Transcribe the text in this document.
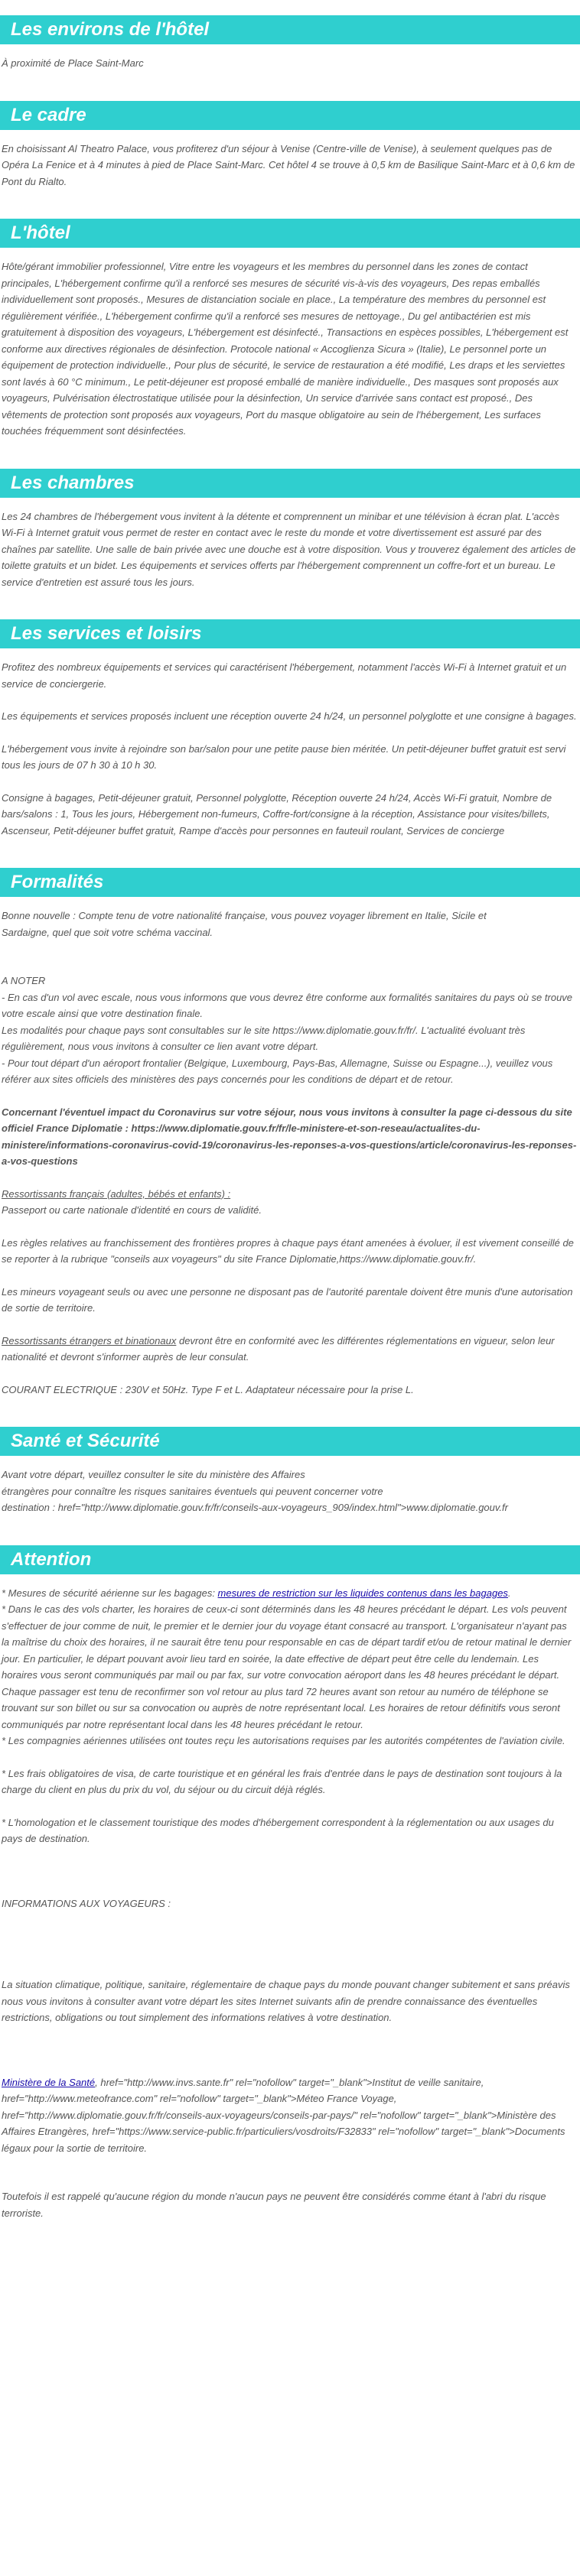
Les environs de l'hôtel

À proximité de Place Saint-Marc

Le cadre

En choisissant Al Theatro Palace, vous profiterez d'un séjour à Venise (Centre-ville de Venise), à seulement quelques pas de Opéra La Fenice et à 4 minutes à pied de Place Saint-Marc. Cet hôtel 4 se trouve à 0,5 km de Basilique Saint-Marc et à 0,6 km de Pont du Rialto.

L'hôtel

Hôte/gérant immobilier professionnel, Vitre entre les voyageurs et les membres du personnel dans les zones de contact principales, L'hébergement confirme qu'il a renforcé ses mesures de sécurité vis-à-vis des voyageurs, Des repas emballés individuellement sont proposés., Mesures de distanciation sociale en place., La température des membres du personnel est régulièrement vérifiée., L'hébergement confirme qu'il a renforcé ses mesures de nettoyage., Du gel antibactérien est mis gratuitement à disposition des voyageurs, L'hébergement est désinfecté., Transactions en espèces possibles, L'hébergement est conforme aux directives régionales de désinfection. Protocole national « Accoglienza Sicura » (Italie), Le personnel porte un équipement de protection individuelle., Pour plus de sécurité, le service de restauration a été modifié, Les draps et les serviettes sont lavés à 60 °C minimum., Le petit-déjeuner est proposé emballé de manière individuelle., Des masques sont proposés aux voyageurs, Pulvérisation électrostatique utilisée pour la désinfection, Un service d'arrivée sans contact est proposé., Des vêtements de protection sont proposés aux voyageurs, Port du masque obligatoire au sein de l'hébergement, Les surfaces touchées fréquemment sont désinfectées.

Les chambres

Les 24 chambres de l'hébergement vous invitent à la détente et comprennent un minibar et une télévision à écran plat. L'accès Wi-Fi à Internet gratuit vous permet de rester en contact avec le reste du monde et votre divertissement est assuré par des chaînes par satellite. Une salle de bain privée avec une douche est à votre disposition. Vous y trouverez également des articles de toilette gratuits et un bidet. Les équipements et services offerts par l'hébergement comprennent un coffre-fort et un bureau. Le service d'entretien est assuré tous les jours.

Les services et loisirs

Profitez des nombreux équipements et services qui caractérisent l'hébergement, notamment l'accès Wi-Fi à Internet gratuit et un service de conciergerie.

Les équipements et services proposés incluent une réception ouverte 24 h/24, un personnel polyglotte et une consigne à bagages.

L'hébergement vous invite à rejoindre son bar/salon pour une petite pause bien méritée. Un petit-déjeuner buffet gratuit est servi tous les jours de 07 h 30 à 10 h 30.

Consigne à bagages, Petit-déjeuner gratuit, Personnel polyglotte, Réception ouverte 24 h/24, Accès Wi-Fi gratuit, Nombre de bars/salons : 1, Tous les jours, Hébergement non-fumeurs, Coffre-fort/consigne à la réception, Assistance pour visites/billets, Ascenseur, Petit-déjeuner buffet gratuit, Rampe d'accès pour personnes en fauteuil roulant, Services de concierge

Formalités

Bonne nouvelle : Compte tenu de votre nationalité française, vous pouvez voyager librement en Italie, Sicile et

Sardaigne, quel que soit votre schéma vaccinal.

A NOTER

- En cas d'un vol avec escale, nous vous informons que vous devrez être conforme aux formalités sanitaires du pays où se trouve votre escale ainsi que votre destination finale.

Les modalités pour chaque pays sont consultables sur le site https://www.diplomatie.gouv.fr/fr/. L'actualité évoluant très régulièrement, nous vous invitons à consulter ce lien avant votre départ.

- Pour tout départ d'un aéroport frontalier (Belgique, Luxembourg, Pays-Bas, Allemagne, Suisse ou Espagne...), veuillez vous référer aux sites officiels des ministères des pays concernés pour les conditions de départ et de retour.

Concernant l'éventuel impact du Coronavirus sur votre séjour, nous vous invitons à consulter la page ci-dessous du site officiel France Diplomatie : https://www.diplomatie.gouv.fr/fr/le-ministere-et-son-reseau/actualites-du-ministere/informations-coronavirus-covid-19/coronavirus-les-reponses-a-vos-questions/article/coronavirus-les-reponses-a-vos-questions

Ressortissants français (adultes, bébés et enfants) :

Passeport ou carte nationale d'identité en cours de validité.

Les règles relatives au franchissement des frontières propres à chaque pays étant amenées à évoluer, il est vivement conseillé de se reporter à la rubrique "conseils aux voyageurs" du site France Diplomatie,https://www.diplomatie.gouv.fr/.

Les mineurs voyageant seuls ou avec une personne ne disposant pas de l'autorité parentale doivent être munis d'une autorisation de sortie de territoire.

Ressortissants étrangers et binationaux devront être en conformité avec les différentes réglementations en vigueur, selon leur nationalité et devront s'informer auprès de leur consulat.

COURANT ELECTRIQUE : 230V et 50Hz. Type F et L. Adaptateur nécessaire pour la prise L.

Santé et Sécurité

Avant votre départ, veuillez consulter le site du ministère des Affaires

étrangères pour connaître les risques sanitaires éventuels qui peuvent concerner votre

destination : href="http://www.diplomatie.gouv.fr/fr/conseils-aux-voyageurs_909/index.html">www.diplomatie.gouv.fr

Attention

* Mesures de sécurité aérienne sur les bagages: mesures de restriction sur les liquides contenus dans les bagages.

* Dans le cas des vols charter, les horaires de ceux-ci sont déterminés dans les 48 heures précédant le départ. Les vols peuvent s'effectuer de jour comme de nuit, le premier et le dernier jour du voyage étant consacré au transport. L'organisateur n'ayant pas la maîtrise du choix des horaires, il ne saurait être tenu pour responsable en cas de départ tardif et/ou de retour matinal le dernier jour. En particulier, le départ pouvant avoir lieu tard en soirée, la date effective de départ peut être celle du lendemain. Les horaires vous seront communiqués par mail ou par fax, sur votre convocation aéroport dans les 48 heures précédant le départ. Chaque passager est tenu de reconfirmer son vol retour au plus tard 72 heures avant son retour au numéro de téléphone se trouvant sur son billet ou sur sa convocation ou auprès de notre représentant local. Les horaires de retour définitifs vous seront communiqués par notre représentant local dans les 48 heures précédant le retour.

* Les compagnies aériennes utilisées ont toutes reçu les autorisations requises par les autorités compétentes de l'aviation civile.

* Les frais obligatoires de visa, de carte touristique et en général les frais d'entrée dans le pays de destination sont toujours à la charge du client en plus du prix du vol, du séjour ou du circuit déjà réglés.

* L'homologation et le classement touristique des modes d'hébergement correspondent à la réglementation ou aux usages du pays de destination.

INFORMATIONS AUX VOYAGEURS :

La situation climatique, politique, sanitaire, réglementaire de chaque pays du monde pouvant changer subitement et sans préavis nous vous invitons à consulter avant votre départ les sites Internet suivants afin de prendre connaissance des éventuelles restrictions, obligations ou tout simplement des informations relatives à votre destination.

Ministère de la Santé, href="http://www.invs.sante.fr" rel="nofollow" target="_blank">Institut de veille sanitaire, href="http://www.meteofrance.com" rel="nofollow" target="_blank">Méteo France Voyage, href="http://www.diplomatie.gouv.fr/fr/conseils-aux-voyageurs/conseils-par-pays/" rel="nofollow" target="_blank">Ministère des Affaires Etrangères, href="https://www.service-public.fr/particuliers/vosdroits/F32833" rel="nofollow" target="_blank">Documents légaux pour la sortie de territoire.

Toutefois il est rappelé qu'aucune région du monde n'aucun pays ne peuvent être considérés comme étant à l'abri du risque terroriste.
